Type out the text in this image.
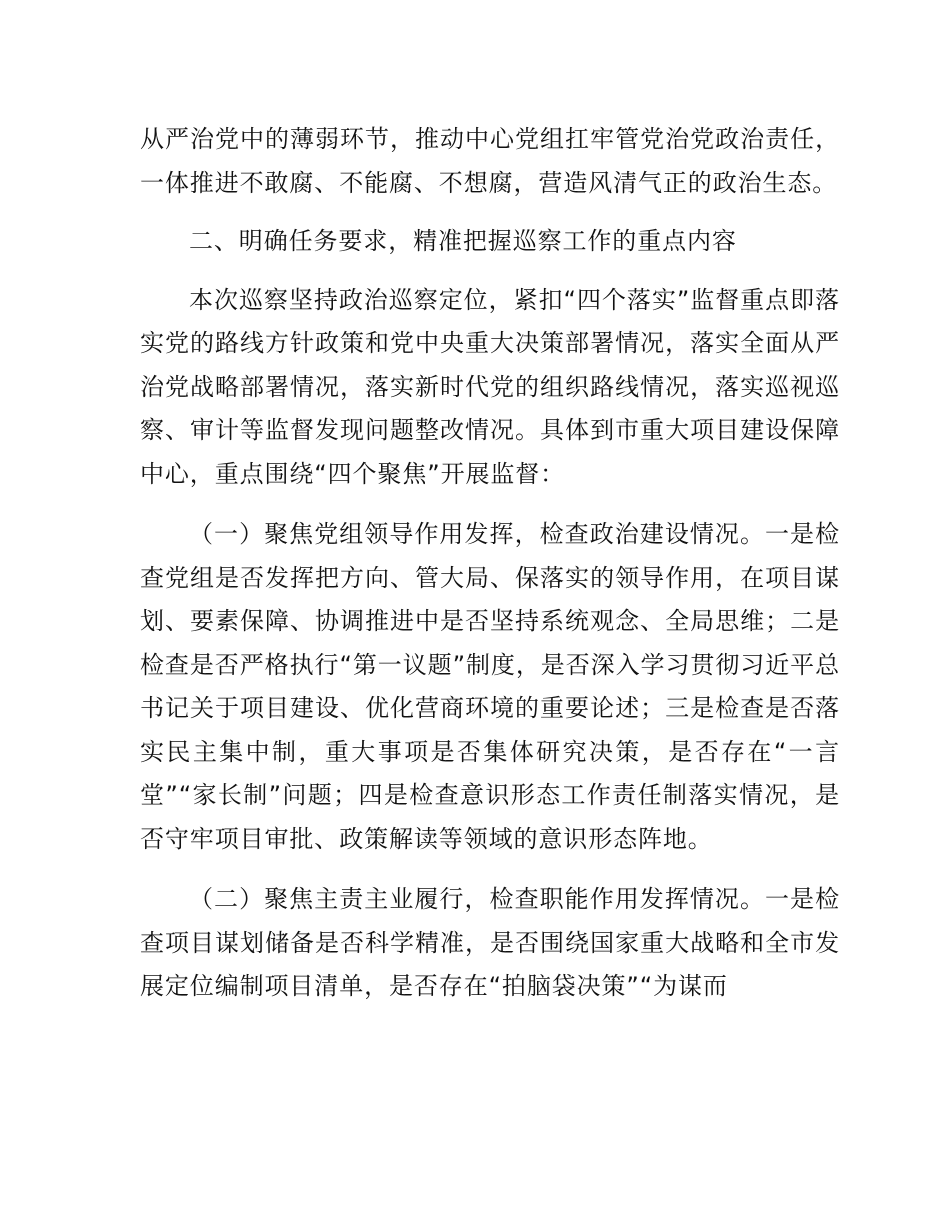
从严治党中的薄弱环节，推动中心党组扛牢管党治党政治责任，一体推进不敢腐、不能腐、不想腐，营造风清气正的政治生态。

二、明确任务要求，精准把握巡察工作的重点内容

本次巡察坚持政治巡察定位，紧扣“四个落实”监督重点即落实党的路线方针政策和党中央重大决策部署情况，落实全面从严治党战略部署情况，落实新时代党的组织路线情况，落实巡视巡察、审计等监督发现问题整改情况。具体到市重大项目建设保障中心，重点围绕“四个聚焦”开展监督：

（一）聚焦党组领导作用发挥，检查政治建设情况。一是检查党组是否发挥把方向、管大局、保落实的领导作用，在项目谋划、要素保障、协调推进中是否坚持系统观念、全局思维；二是检查是否严格执行“第一议题”制度，是否深入学习贯彻习近平总书记关于项目建设、优化营商环境的重要论述；三是检查是否落实民主集中制，重大事项是否集体研究决策，是否存在“一言堂”“家长制”问题；四是检查意识形态工作责任制落实情况，是否守牢项目审批、政策解读等领域的意识形态阵地。

（二）聚焦主责主业履行，检查职能作用发挥情况。一是检查项目谋划储备是否科学精准，是否围绕国家重大战略和全市发展定位编制项目清单，是否存在“拍脑袋决策”“为谋而
